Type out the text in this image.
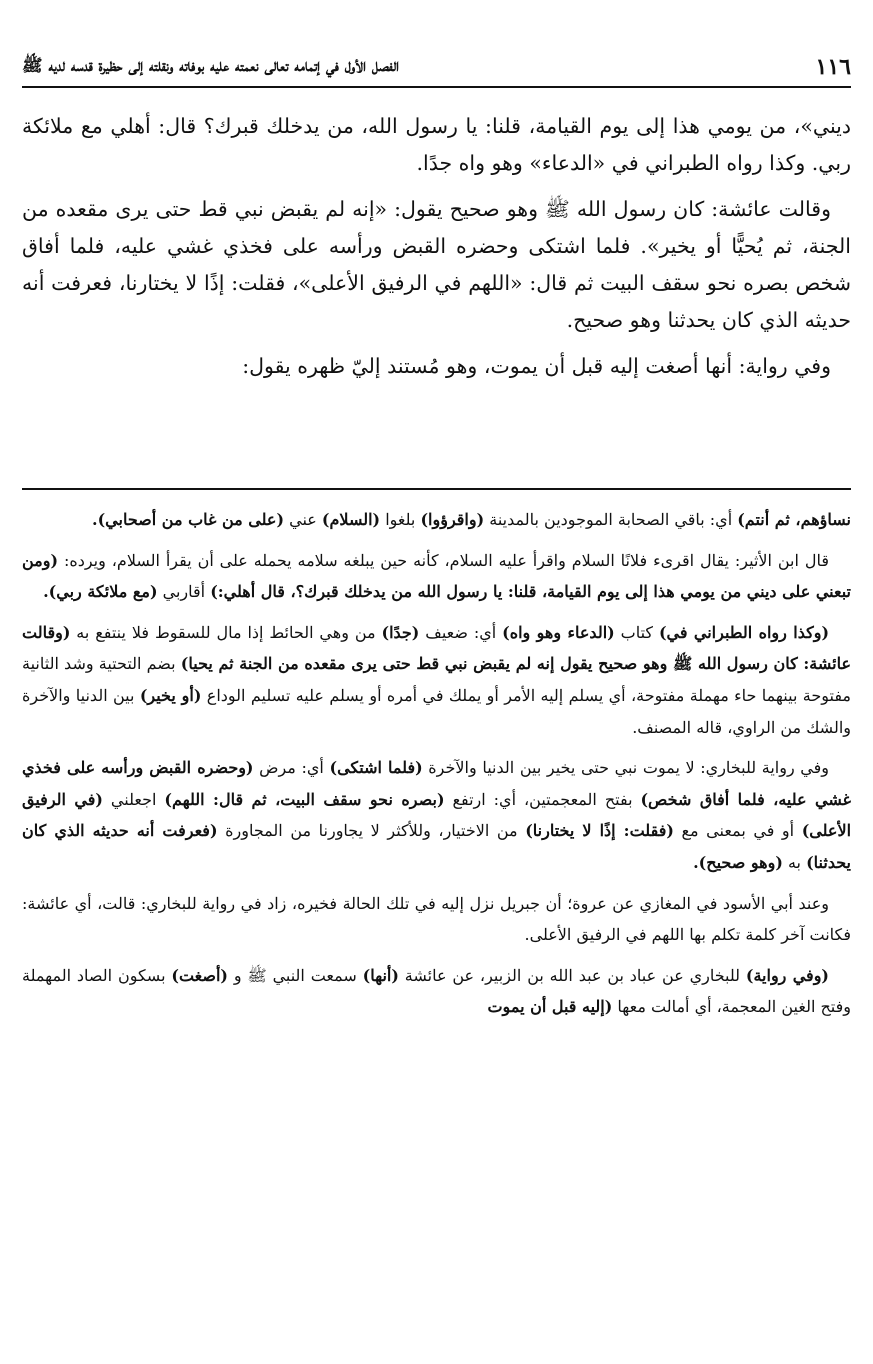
١١٦
الفصل الأول في إتمامه تعالى نعمته عليه بوفاته ونقلته إلى حظيرة قدسه لديه ﷺ

ديني»، من يومي هذا إلى يوم القيامة، قلنا: يا رسول الله، من يدخلك قبرك؟ قال: أهلي مع ملائكة ربي. وكذا رواه الطبراني في «الدعاء» وهو واه جدًا.

وقالت عائشة: كان رسول الله ﷺ وهو صحيح يقول: «إنه لم يقبض نبي قط حتى يرى مقعده من الجنة، ثم يُحيًّا أو يخير». فلما اشتكى وحضره القبض ورأسه على فخذي غشي عليه، فلما أفاق شخص بصره نحو سقف البيت ثم قال: «اللهم في الرفيق الأعلى»، فقلت: إذًا لا يختارنا، فعرفت أنه حديثه الذي كان يحدثنا وهو صحيح.

وفي رواية: أنها أصغت إليه قبل أن يموت، وهو مُستند إليّ ظهره يقول:

نساؤهم، ثم أنتم) أي: باقي الصحابة الموجودين بالمدينة (واقرؤوا) بلغوا (السلام) عني (على من غاب من أصحابي).

قال ابن الأثير: يقال اقرىء فلانًا السلام واقرأ عليه السلام، كأنه حين يبلغه سلامه يحمله على أن يقرأ السلام، ويرده: (ومن تبعني على ديني من يومي هذا إلى يوم القيامة، قلنا: يا رسول الله من يدخلك قبرك؟، قال أهلي:) أقاربي (مع ملائكة ربي).

(وكذا رواه الطبراني في) كتاب (الدعاء وهو واه) أي: ضعيف (جدًا) من وهي الحائط إذا مال للسقوط فلا ينتفع به (وقالت عائشة: كان رسول الله ﷺ وهو صحيح يقول إنه لم يقبض نبي قط حتى يرى مقعده من الجنة ثم يحيا) بضم التحتية وشد الثانية مفتوحة بينهما حاء مهملة مفتوحة، أي يسلم إليه الأمر أو يملك في أمره أو يسلم عليه تسليم الوداع (أو يخير) بين الدنيا والآخرة والشك من الراوي، قاله المصنف.

وفي رواية للبخاري: لا يموت نبي حتى يخير بين الدنيا والآخرة (فلما اشتكى) أي: مرض (وحضره القبض ورأسه على فخذي غشي عليه، فلما أفاق شخص) بفتح المعجمتين، أي: ارتفع (بصره نحو سقف البيت، ثم قال: اللهم) اجعلني (في الرفيق الأعلى) أو في بمعنى مع (فقلت: إذًا لا يختارنا) من الاختيار، وللأكثر لا يجاورنا من المجاورة (فعرفت أنه حديثه الذي كان يحدثنا) به (وهو صحيح).

وعند أبي الأسود في المغازي عن عروة؛ أن جبريل نزل إليه في تلك الحالة فخيره، زاد في رواية للبخاري: قالت، أي عائشة: فكانت آخر كلمة تكلم بها اللهم في الرفيق الأعلى.

(وفي رواية) للبخاري عن عباد بن عبد الله بن الزبير، عن عائشة (أنها) سمعت النبي ﷺ و (أصغت) بسكون الصاد المهملة وفتح الغين المعجمة، أي أمالت معها (إليه قبل أن يموت
